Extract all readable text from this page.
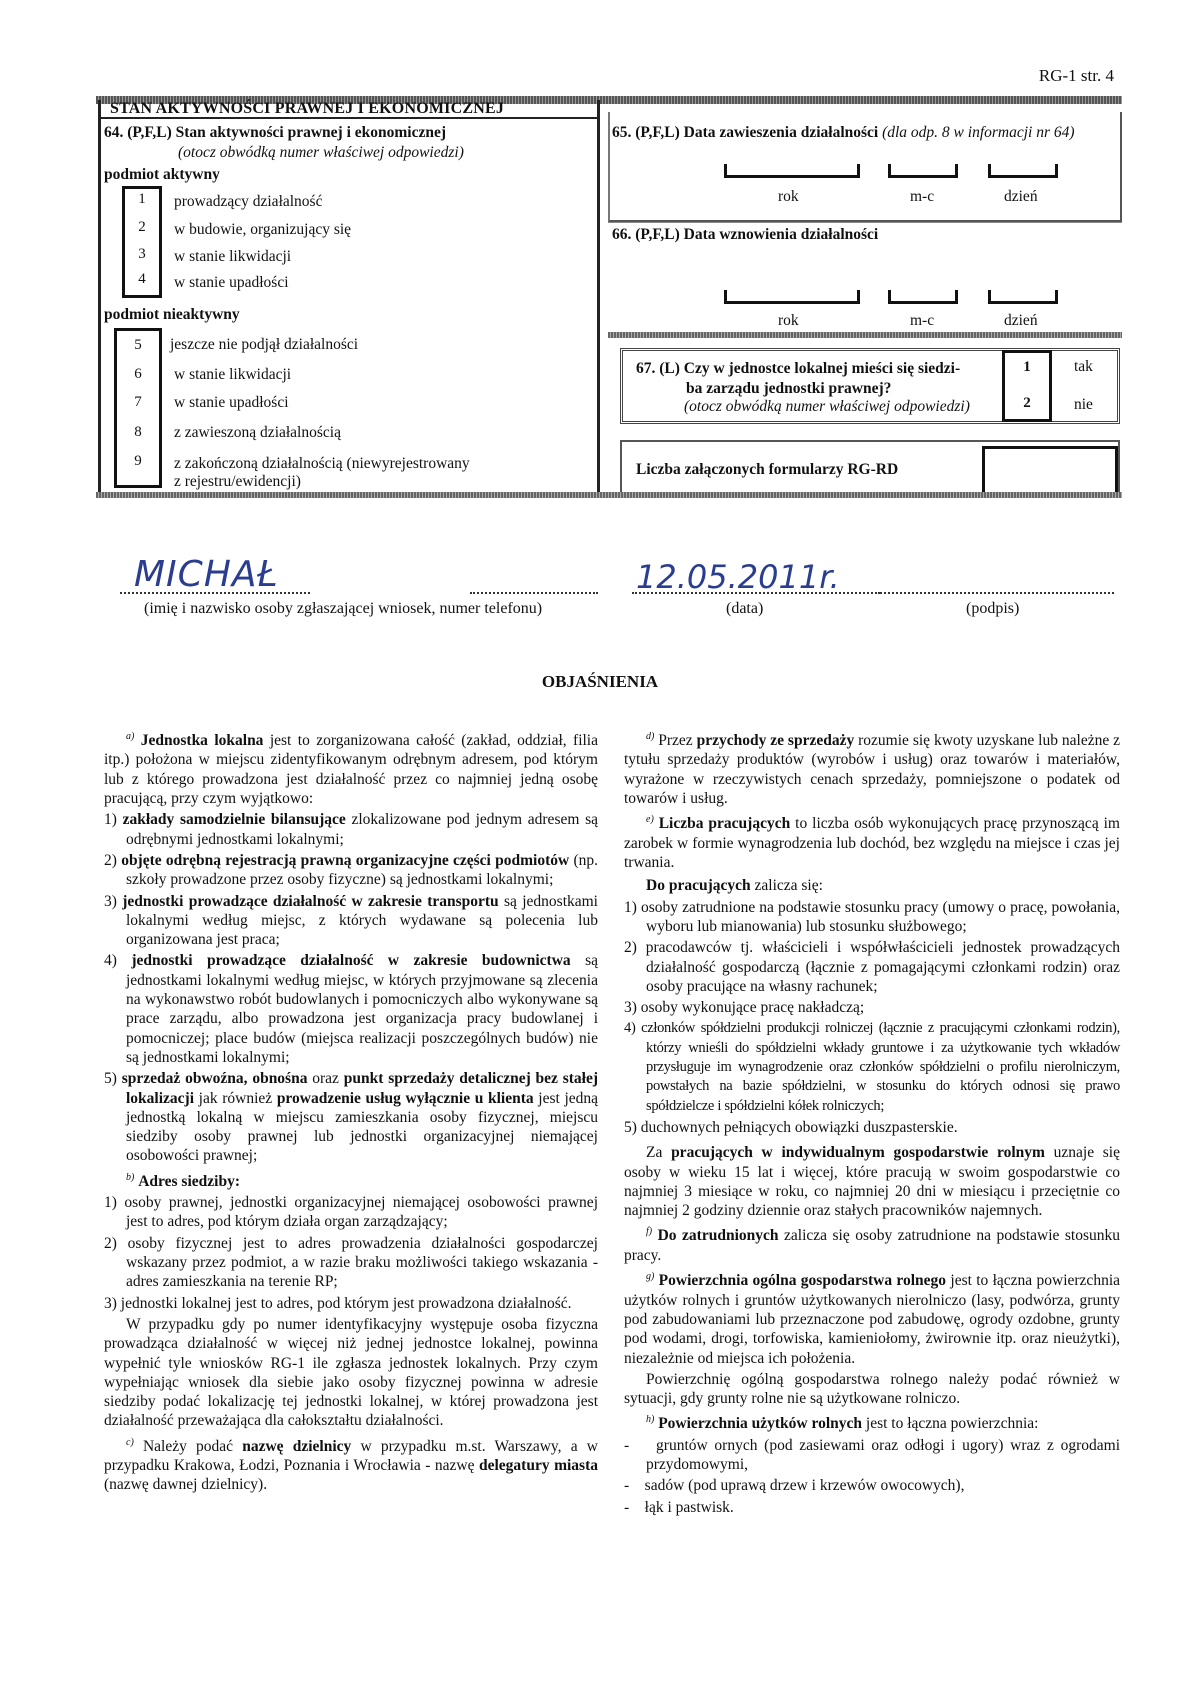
RG-1 str. 4
STAN AKTYWNOŚCI PRAWNEJ I EKONOMICZNEJ
64. (P,F,L) Stan aktywności prawnej i ekonomicznej
(otocz obwódką numer właściwej odpowiedzi)
podmiot aktywny
1	prowadzący działalność
2	w budowie, organizujący się
3	w stanie likwidacji
4	w stanie upadłości
podmiot nieaktywny
5	jeszcze nie podjął działalności
6	w stanie likwidacji
7	w stanie upadłości
8	z zawieszoną działalnością
9	z zakończoną działalnością (niewyrejestrowany
z rejestru/ewidencji)
65. (P,F,L) Data zawieszenia działalności (dla odp. 8 w informacji nr 64)
rok	m-c	dzień
66. (P,F,L) Data wznowienia działalności
rok	m-c	dzień
67. (L) Czy w jednostce lokalnej mieści się siedzi-
ba zarządu jednostki prawnej?
(otocz obwódką numer właściwej odpowiedzi)
1	tak
2	nie
Liczba załączonych formularzy RG-RD
MICHAŁ
(imię i nazwisko osoby zgłaszającej wniosek, numer telefonu)
12.05.2011r.
(data)	(podpis)
OBJAŚNIENIA

$^{a)}$ Jednostka lokalna jest to zorganizowana całość (zakład, oddział, filia itp.) położona w miejscu zidentyfikowanym odrębnym adresem, pod którym lub z którego prowadzona jest działalność przez co najmniej jedną osobę pracującą, przy czym wyjątkowo:

1) zakłady samodzielnie bilansujące zlokalizowane pod jednym adresem są odrębnymi jednostkami lokalnymi;

2) objęte odrębną rejestracją prawną organizacyjne części podmiotów (np. szkoły prowadzone przez osoby fizyczne) są jednostkami lokalnymi;

3) jednostki prowadzące działalność w zakresie transportu są jednostkami lokalnymi według miejsc, z których wydawane są polecenia lub organizowana jest praca;

4) jednostki prowadzące działalność w zakresie budownictwa są jednostkami lokalnymi według miejsc, w których przyjmowane są zlecenia na wykonawstwo robót budowlanych i pomocniczych albo wykonywane są prace zarządu, albo prowadzona jest organizacja pracy budowlanej i pomocniczej; place budów (miejsca realizacji poszczególnych budów) nie są jednostkami lokalnymi;

5) sprzedaż obwoźna, obnośna oraz punkt sprzedaży detalicznej bez stałej lokalizacji jak również prowadzenie usług wyłącznie u klienta jest jedną jednostką lokalną w miejscu zamieszkania osoby fizycznej, miejscu siedziby osoby prawnej lub jednostki organizacyjnej niemającej osobowości prawnej;

$^{b)}$ Adres siedziby:

1) osoby prawnej, jednostki organizacyjnej niemającej osobowości prawnej jest to adres, pod którym działa organ zarządzający;

2) osoby fizycznej jest to adres prowadzenia działalności gospodarczej wskazany przez podmiot, a w razie braku możliwości takiego wskazania - adres zamieszkania na terenie RP;

3) jednostki lokalnej jest to adres, pod którym jest prowadzona działalność.

W przypadku gdy po numer identyfikacyjny występuje osoba fizyczna prowadząca działalność w więcej niż jednej jednostce lokalnej, powinna wypełnić tyle wniosków RG-1 ile zgłasza jednostek lokalnych. Przy czym wypełniając wniosek dla siebie jako osoby fizycznej powinna w adresie siedziby podać lokalizację tej jednostki lokalnej, w której prowadzona jest działalność przeważająca dla całokształtu działalności.

$^{c)}$ Należy podać nazwę dzielnicy w przypadku m.st. Warszawy, a w przypadku Krakowa, Łodzi, Poznania i Wrocławia - nazwę delegatury miasta (nazwę dawnej dzielnicy).

$^{d)}$ Przez przychody ze sprzedaży rozumie się kwoty uzyskane lub należne z tytułu sprzedaży produktów (wyrobów i usług) oraz towarów i materiałów, wyrażone w rzeczywistych cenach sprzedaży, pomniejszone o podatek od towarów i usług.

$^{e)}$ Liczba pracujących to liczba osób wykonujących pracę przynoszącą im zarobek w formie wynagrodzenia lub dochód, bez względu na miejsce i czas jej trwania.

Do pracujących zalicza się:

1) osoby zatrudnione na podstawie stosunku pracy (umowy o pracę, powołania, wyboru lub mianowania) lub stosunku służbowego;

2) pracodawców tj. właścicieli i współwłaścicieli jednostek prowadzących działalność gospodarczą (łącznie z pomagającymi członkami rodzin) oraz osoby pracujące na własny rachunek;

3) osoby wykonujące pracę nakładczą;

4) członków spółdzielni produkcji rolniczej (łącznie z pracującymi członkami rodzin), którzy wnieśli do spółdzielni wkłady gruntowe i za użytkowanie tych wkładów przysługuje im wynagrodzenie oraz członków spółdzielni o profilu nierolniczym, powstałych na bazie spółdzielni, w stosunku do których odnosi się prawo spółdzielcze i spółdzielni kółek rolniczych;

5) duchownych pełniących obowiązki duszpasterskie.

Za pracujących w indywidualnym gospodarstwie rolnym uznaje się osoby w wieku 15 lat i więcej, które pracują w swoim gospodarstwie co najmniej 3 miesiące w roku, co najmniej 20 dni w miesiącu i przeciętnie co najmniej 2 godziny dziennie oraz stałych pracowników najemnych.

$^{f)}$ Do zatrudnionych zalicza się osoby zatrudnione na podstawie stosunku pracy.

$^{g)}$ Powierzchnia ogólna gospodarstwa rolnego jest to łączna powierzchnia użytków rolnych i gruntów użytkowanych nierolniczo (lasy, podwórza, grunty pod zabudowaniami lub przeznaczone pod zabudowę, ogrody ozdobne, grunty pod wodami, drogi, torfowiska, kamieniołomy, żwirownie itp. oraz nieużytki), niezależnie od miejsca ich położenia.

Powierzchnię ogólną gospodarstwa rolnego należy podać również w sytuacji, gdy grunty rolne nie są użytkowane rolniczo.

$^{h)}$ Powierzchnia użytków rolnych jest to łączna powierzchnia:

- gruntów ornych (pod zasiewami oraz odłogi i ugory) wraz z ogrodami przydomowymi,

- sadów (pod uprawą drzew i krzewów owocowych),

- łąk i pastwisk.
